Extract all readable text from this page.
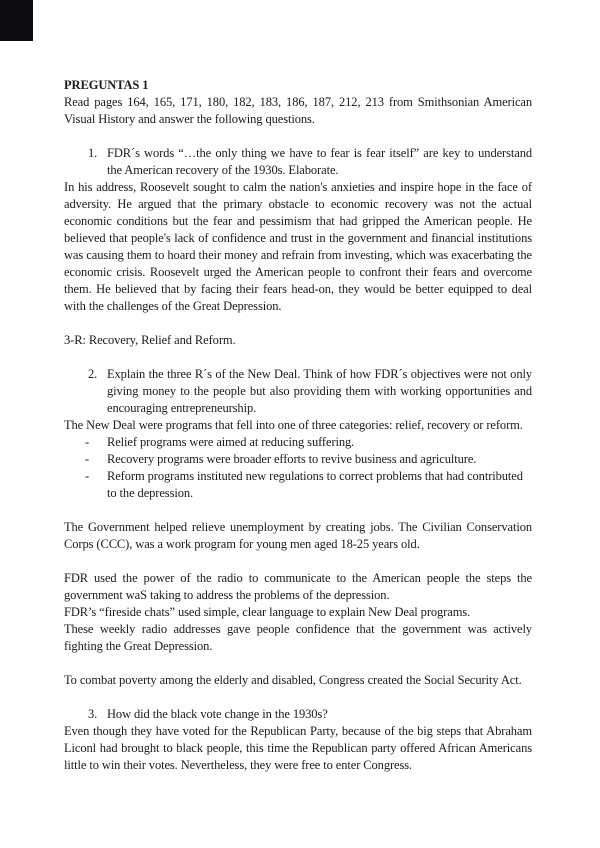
PREGUNTAS 1

Read pages 164, 165, 171, 180, 182, 183, 186, 187, 212, 213 from Smithsonian American Visual History and answer the following questions.

1. FDR´s words “…the only thing we have to fear is fear itself” are key to understand the American recovery of the 1930s. Elaborate.

In his address, Roosevelt sought to calm the nation's anxieties and inspire hope in the face of adversity. He argued that the primary obstacle to economic recovery was not the actual economic conditions but the fear and pessimism that had gripped the American people. He believed that people's lack of confidence and trust in the government and financial institutions was causing them to hoard their money and refrain from investing, which was exacerbating the economic crisis. Roosevelt urged the American people to confront their fears and overcome them. He believed that by facing their fears head-on, they would be better equipped to deal with the challenges of the Great Depression.

3-R: Recovery, Relief and Reform.

2. Explain the three R´s of the New Deal. Think of how FDR´s objectives were not only giving money to the people but also providing them with working opportunities and encouraging entrepreneurship.

The New Deal were programs that fell into one of three categories: relief, recovery or reform.

-	Relief programs were aimed at reducing suffering.
-	Recovery programs were broader efforts to revive business and agriculture.
-	Reform programs instituted new regulations to correct problems that had contributed to the depression.

The Government helped relieve unemployment by creating jobs. The Civilian Conservation Corps (CCC), was a work program for young men aged 18-25 years old.

FDR used the power of the radio to communicate to the American people the steps the government waS taking to address the problems of the depression.

FDR’s “fireside chats” used simple, clear language to explain New Deal programs.

These weekly radio addresses gave people confidence that the government was actively fighting the Great Depression.

To combat poverty among the elderly and disabled, Congress created the Social Security Act.

3. How did the black vote change in the 1930s?

Even though they have voted for the Republican Party, because of the big steps that Abraham Liconl had brought to black people, this time the Republican party offered African Americans little to win their votes. Nevertheless, they were free to enter Congress.
